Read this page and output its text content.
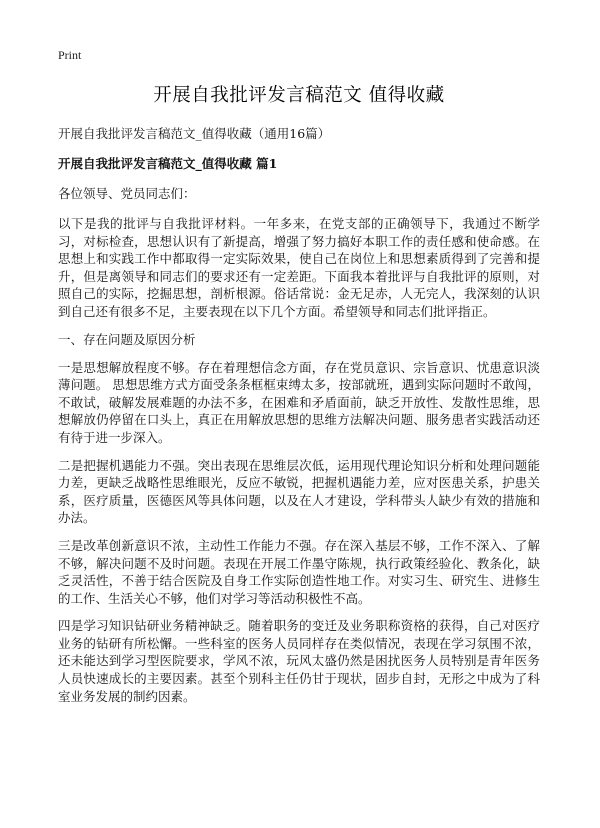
Print
开展自我批评发言稿范文 值得收藏

开展自我批评发言稿范文_值得收藏（通用16篇）

开展自我批评发言稿范文_值得收藏 篇1

各位领导、党员同志们：

以下是我的批评与自我批评材料。一年多来，在党支部的正确领导下，我通过不断学习，对标检查，思想认识有了新提高，增强了努力搞好本职工作的责任感和使命感。在思想上和实践工作中都取得一定实际效果，使自己在岗位上和思想素质得到了完善和提升，但是离领导和同志们的要求还有一定差距。下面我本着批评与自我批评的原则，对照自己的实际，挖掘思想，剖析根源。俗话常说：金无足赤，人无完人，我深刻的认识到自己还有很多不足，主要表现在以下几个方面。希望领导和同志们批评指正。

一、存在问题及原因分析

一是思想解放程度不够。存在着理想信念方面，存在党员意识、宗旨意识、忧患意识淡薄问题。 思想思维方式方面受条条框框束缚太多，按部就班，遇到实际问题时不敢闯，不敢试，破解发展难题的办法不多，在困难和矛盾面前，缺乏开放性、发散性思维，思想解放仍停留在口头上，真正在用解放思想的思维方法解决问题、服务患者实践活动还有待于进一步深入。

二是把握机遇能力不强。突出表现在思维层次低，运用现代理论知识分析和处理问题能力差，更缺乏战略性思维眼光，反应不敏锐，把握机遇能力差，应对医患关系，护患关系，医疗质量，医德医风等具体问题，以及在人才建设，学科带头人缺少有效的措施和办法。

三是改革创新意识不浓，主动性工作能力不强。存在深入基层不够，工作不深入、了解不够，解决问题不及时问题。表现在开展工作墨守陈规，执行政策经验化、教条化，缺乏灵活性，不善于结合医院及自身工作实际创造性地工作。对实习生、研究生、进修生的工作、生活关心不够，他们对学习等活动积极性不高。

四是学习知识钻研业务精神缺乏。随着职务的变迁及业务职称资格的获得，自己对医疗业务的钻研有所松懈。一些科室的医务人员同样存在类似情况，表现在学习氛围不浓，还未能达到学习型医院要求，学风不浓，玩风太盛仍然是困扰医务人员特别是青年医务人员快速成长的主要因素。甚至个别科主任仍甘于现状，固步自封，无形之中成为了科室业务发展的制约因素。
